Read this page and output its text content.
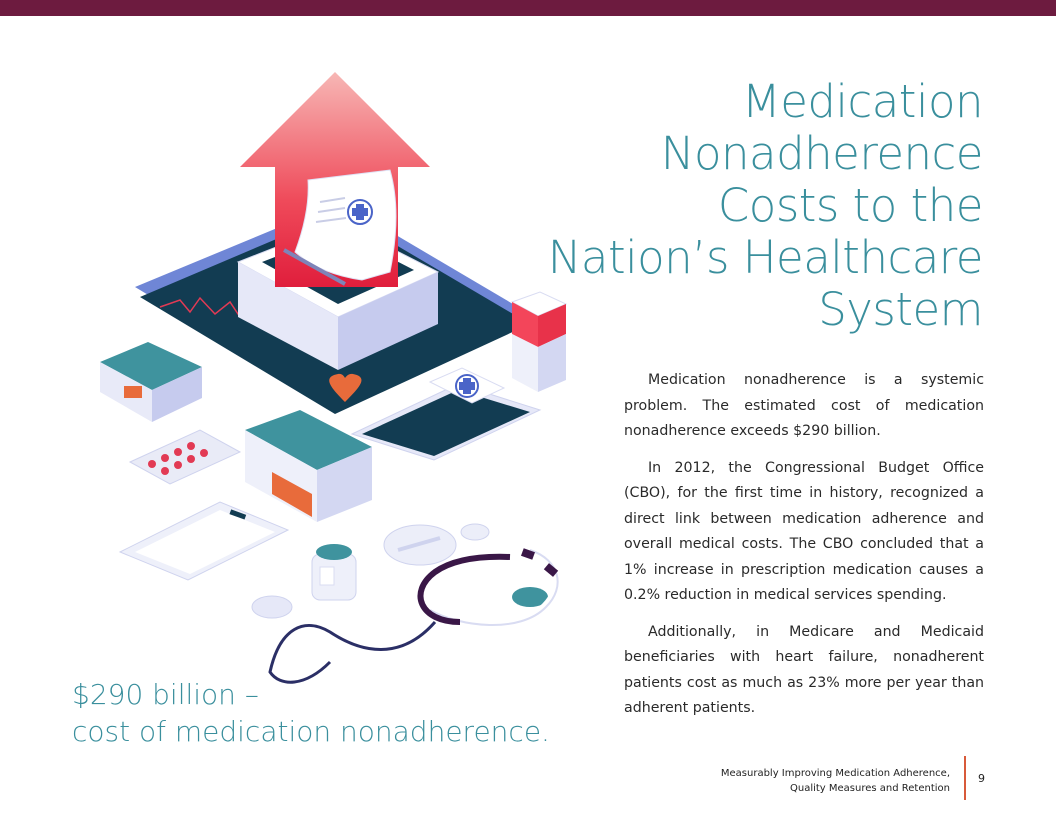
Medication
Nonadherence
Costs to the
Nation’s Healthcare
System

Medication nonadherence is a systemic problem. The estimated cost of medication nonadherence exceeds $290 billion.

In 2012, the Congressional Budget Office (CBO), for the first time in history, recognized a direct link between medication adherence and overall medical costs. The CBO concluded that a 1% increase in prescription medication causes a 0.2% reduction in medical services spending.

Additionally, in Medicare and Medicaid beneficiaries with heart failure, nonadherent patients cost as much as 23% more per year than adherent patients.

$290 billion –
cost of medication nonadherence.
Measurably Improving Medication Adherence,
Quality Measures and Retention
9
